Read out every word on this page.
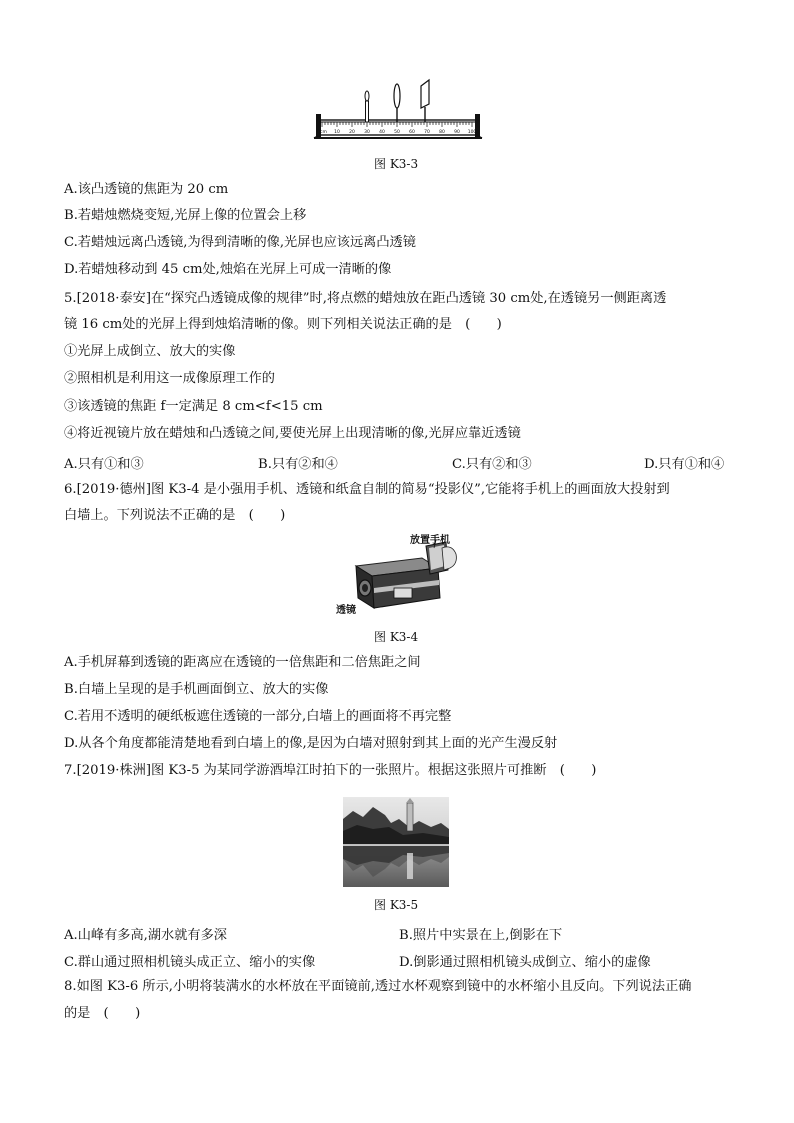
0cm 10 20 30 40 50 60 70 80 90 100
图 K3-3
A.该凸透镜的焦距为 20 cm
B.若蜡烛燃烧变短,光屏上像的位置会上移
C.若蜡烛远离凸透镜,为得到清晰的像,光屏也应该远离凸透镜
D.若蜡烛移动到 45 cm处,烛焰在光屏上可成一清晰的像
5.[2018·泰安]在“探究凸透镜成像的规律”时,将点燃的蜡烛放在距凸透镜 30 cm处,在透镜另一侧距离透
镜 16 cm处的光屏上得到烛焰清晰的像。则下列相关说法正确的是　(　　)
①光屏上成倒立、放大的实像
②照相机是利用这一成像原理工作的
③该透镜的焦距 f一定满足 8 cm<f<15 cm
④将近视镜片放在蜡烛和凸透镜之间,要使光屏上出现清晰的像,光屏应靠近透镜
A.只有①和③	B.只有②和④	C.只有②和③	D.只有①和④
6.[2019·德州]图 K3-4 是小强用手机、透镜和纸盒自制的简易“投影仪”,它能将手机上的画面放大投射到
白墙上。下列说法不正确的是　(　　)
放置手机
透镜
图 K3-4
A.手机屏幕到透镜的距离应在透镜的一倍焦距和二倍焦距之间
B.白墙上呈现的是手机画面倒立、放大的实像
C.若用不透明的硬纸板遮住透镜的一部分,白墙上的画面将不再完整
D.从各个角度都能清楚地看到白墙上的像,是因为白墙对照射到其上面的光产生漫反射
7.[2019·株洲]图 K3-5 为某同学游酒埠江时拍下的一张照片。根据这张照片可推断　(　　)
图 K3-5
A.山峰有多高,湖水就有多深	B.照片中实景在上,倒影在下
C.群山通过照相机镜头成正立、缩小的实像	D.倒影通过照相机镜头成倒立、缩小的虚像
8.如图 K3-6 所示,小明将装满水的水杯放在平面镜前,透过水杯观察到镜中的水杯缩小且反向。下列说法正确
的是　(　　)
